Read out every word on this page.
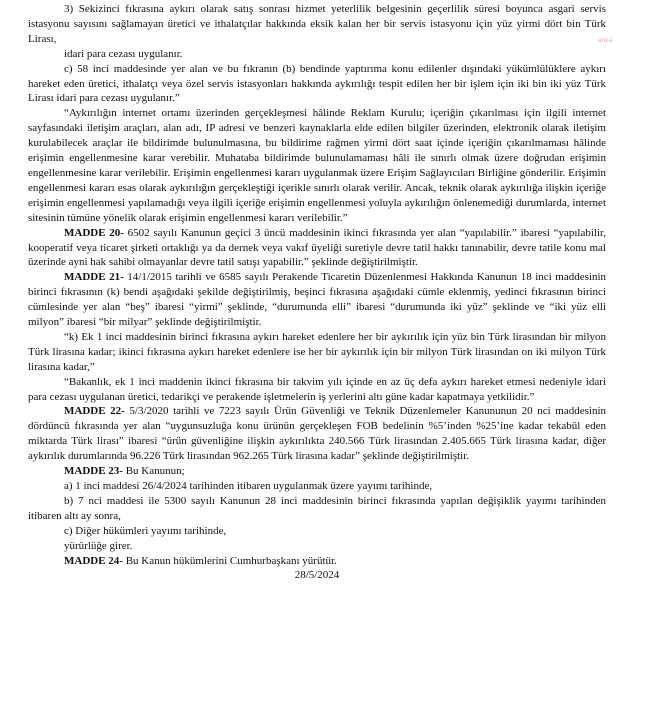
anka

3) Sekizinci fıkrasına aykırı olarak satış sonrası hizmet yeterlilik belgesinin geçerlilik süresi boyunca asgari servis istasyonu sayısını sağlamayan üretici ve ithalatçılar hakkında eksik kalan her bir servis istasyonu için yüz yirmi dört bin Türk Lirası,

idari para cezası uygulanır.

c) 58 inci maddesinde yer alan ve bu fıkranın (b) bendinde yaptırıma konu edilenler dışındaki yükümlülüklere aykırı hareket eden üretici, ithalatçı veya özel servis istasyonları hakkında aykırılığı tespit edilen her bir işlem için iki bin iki yüz Türk Lirası idari para cezası uygulanır.”

“Aykırılığın internet ortamı üzerinden gerçekleşmesi hâlinde Reklam Kurulu; içeriğin çıkarılması için ilgili internet sayfasındaki iletişim araçları, alan adı, IP adresi ve benzeri kaynaklarla elde edilen bilgiler üzerinden, elektronik olarak iletişim kurulabilecek araçlar ile bildirimde bulunulmasına, bu bildirime rağmen yirmi dört saat içinde içeriğin çıkarılmaması hâlinde erişimin engellenmesine karar verebilir. Muhataba bildirimde bulunulamaması hâli ile sınırlı olmak üzere doğrudan erişimin engellenmesine karar verilebilir. Erişimin engellenmesi kararı uygulanmak üzere Erişim Sağlayıcıları Birliğine gönderilir. Erişimin engellenmesi kararı esas olarak aykırılığın gerçekleştiği içerikle sınırlı olarak verilir. Ancak, teknik olarak aykırılığa ilişkin içeriğe erişimin engellenmesi yapılamadığı veya ilgili içeriğe erişimin engellenmesi yoluyla aykırılığın önlenemediği durumlarda, internet sitesinin tümüne yönelik olarak erişimin engellenmesi kararı verilebilir.”

MADDE 20- 6502 sayılı Kanunun geçici 3 üncü maddesinin ikinci fıkrasında yer alan “yapılabilir.” ibaresi “yapılabilir, kooperatif veya ticaret şirketi ortaklığı ya da dernek veya vakıf üyeliği suretiyle devre tatil hakkı tanınabilir, devre tatile konu mal üzerinde ayni hak sahibi olmayanlar devre tatil satışı yapabilir.” şeklinde değiştirilmiştir.

MADDE 21- 14/1/2015 tarihli ve 6585 sayılı Perakende Ticaretin Düzenlenmesi Hakkında Kanunun 18 inci maddesinin birinci fıkrasının (k) bendi aşağıdaki şekilde değiştirilmiş, beşinci fıkrasına aşağıdaki cümle eklenmiş, yedinci fıkrasının birinci cümlesinde yer alan “beş” ibaresi “yirmi” şeklinde, “durumunda elli” ibaresi “durumunda iki yüz” şeklinde ve “iki yüz elli milyon” ibaresi “bir milyar” şeklinde değiştirilmiştir.

“k) Ek 1 inci maddesinin birinci fıkrasına aykırı hareket edenlere her bir aykırılık için yüz bin Türk lirasından bir milyon Türk lirasına kadar; ikinci fıkrasına aykırı hareket edenlere ise her bir aykırılık için bir milyon Türk lirasından on iki milyon Türk lirasına kadar,”

“Bakanlık, ek 1 inci maddenin ikinci fıkrasına bir takvim yılı içinde en az üç defa aykırı hareket etmesi nedeniyle idari para cezası uygulanan üretici, tedarikçi ve perakende işletmelerin iş yerlerini altı güne kadar kapatmaya yetkilidir.”

MADDE 22- 5/3/2020 tarihli ve 7223 sayılı Ürün Güvenliği ve Teknik Düzenlemeler Kanununun 20 nci maddesinin dördüncü fıkrasında yer alan “uygunsuzluğa konu ürünün gerçekleşen FOB bedelinin %5’inden %25’ine kadar tekabül eden miktarda Türk lirası” ibaresi “ürün güvenliğine ilişkin aykırılıkta 240.566 Türk lirasından 2.405.665 Türk lirasına kadar, diğer aykırılık durumlarında 96.226 Türk lirasından 962.265 Türk lirasına kadar” şeklinde değiştirilmiştir.

MADDE 23- Bu Kanunun;

a) 1 inci maddesi 26/4/2024 tarihinden itibaren uygulanmak üzere yayımı tarihinde,

b) 7 nci maddesi ile 5300 sayılı Kanunun 28 inci maddesinin birinci fıkrasında yapılan değişiklik yayımı tarihinden itibaren altı ay sonra,

c) Diğer hükümleri yayımı tarihinde,

yürürlüğe girer.

MADDE 24- Bu Kanun hükümlerini Cumhurbaşkanı yürütür.

28/5/2024
